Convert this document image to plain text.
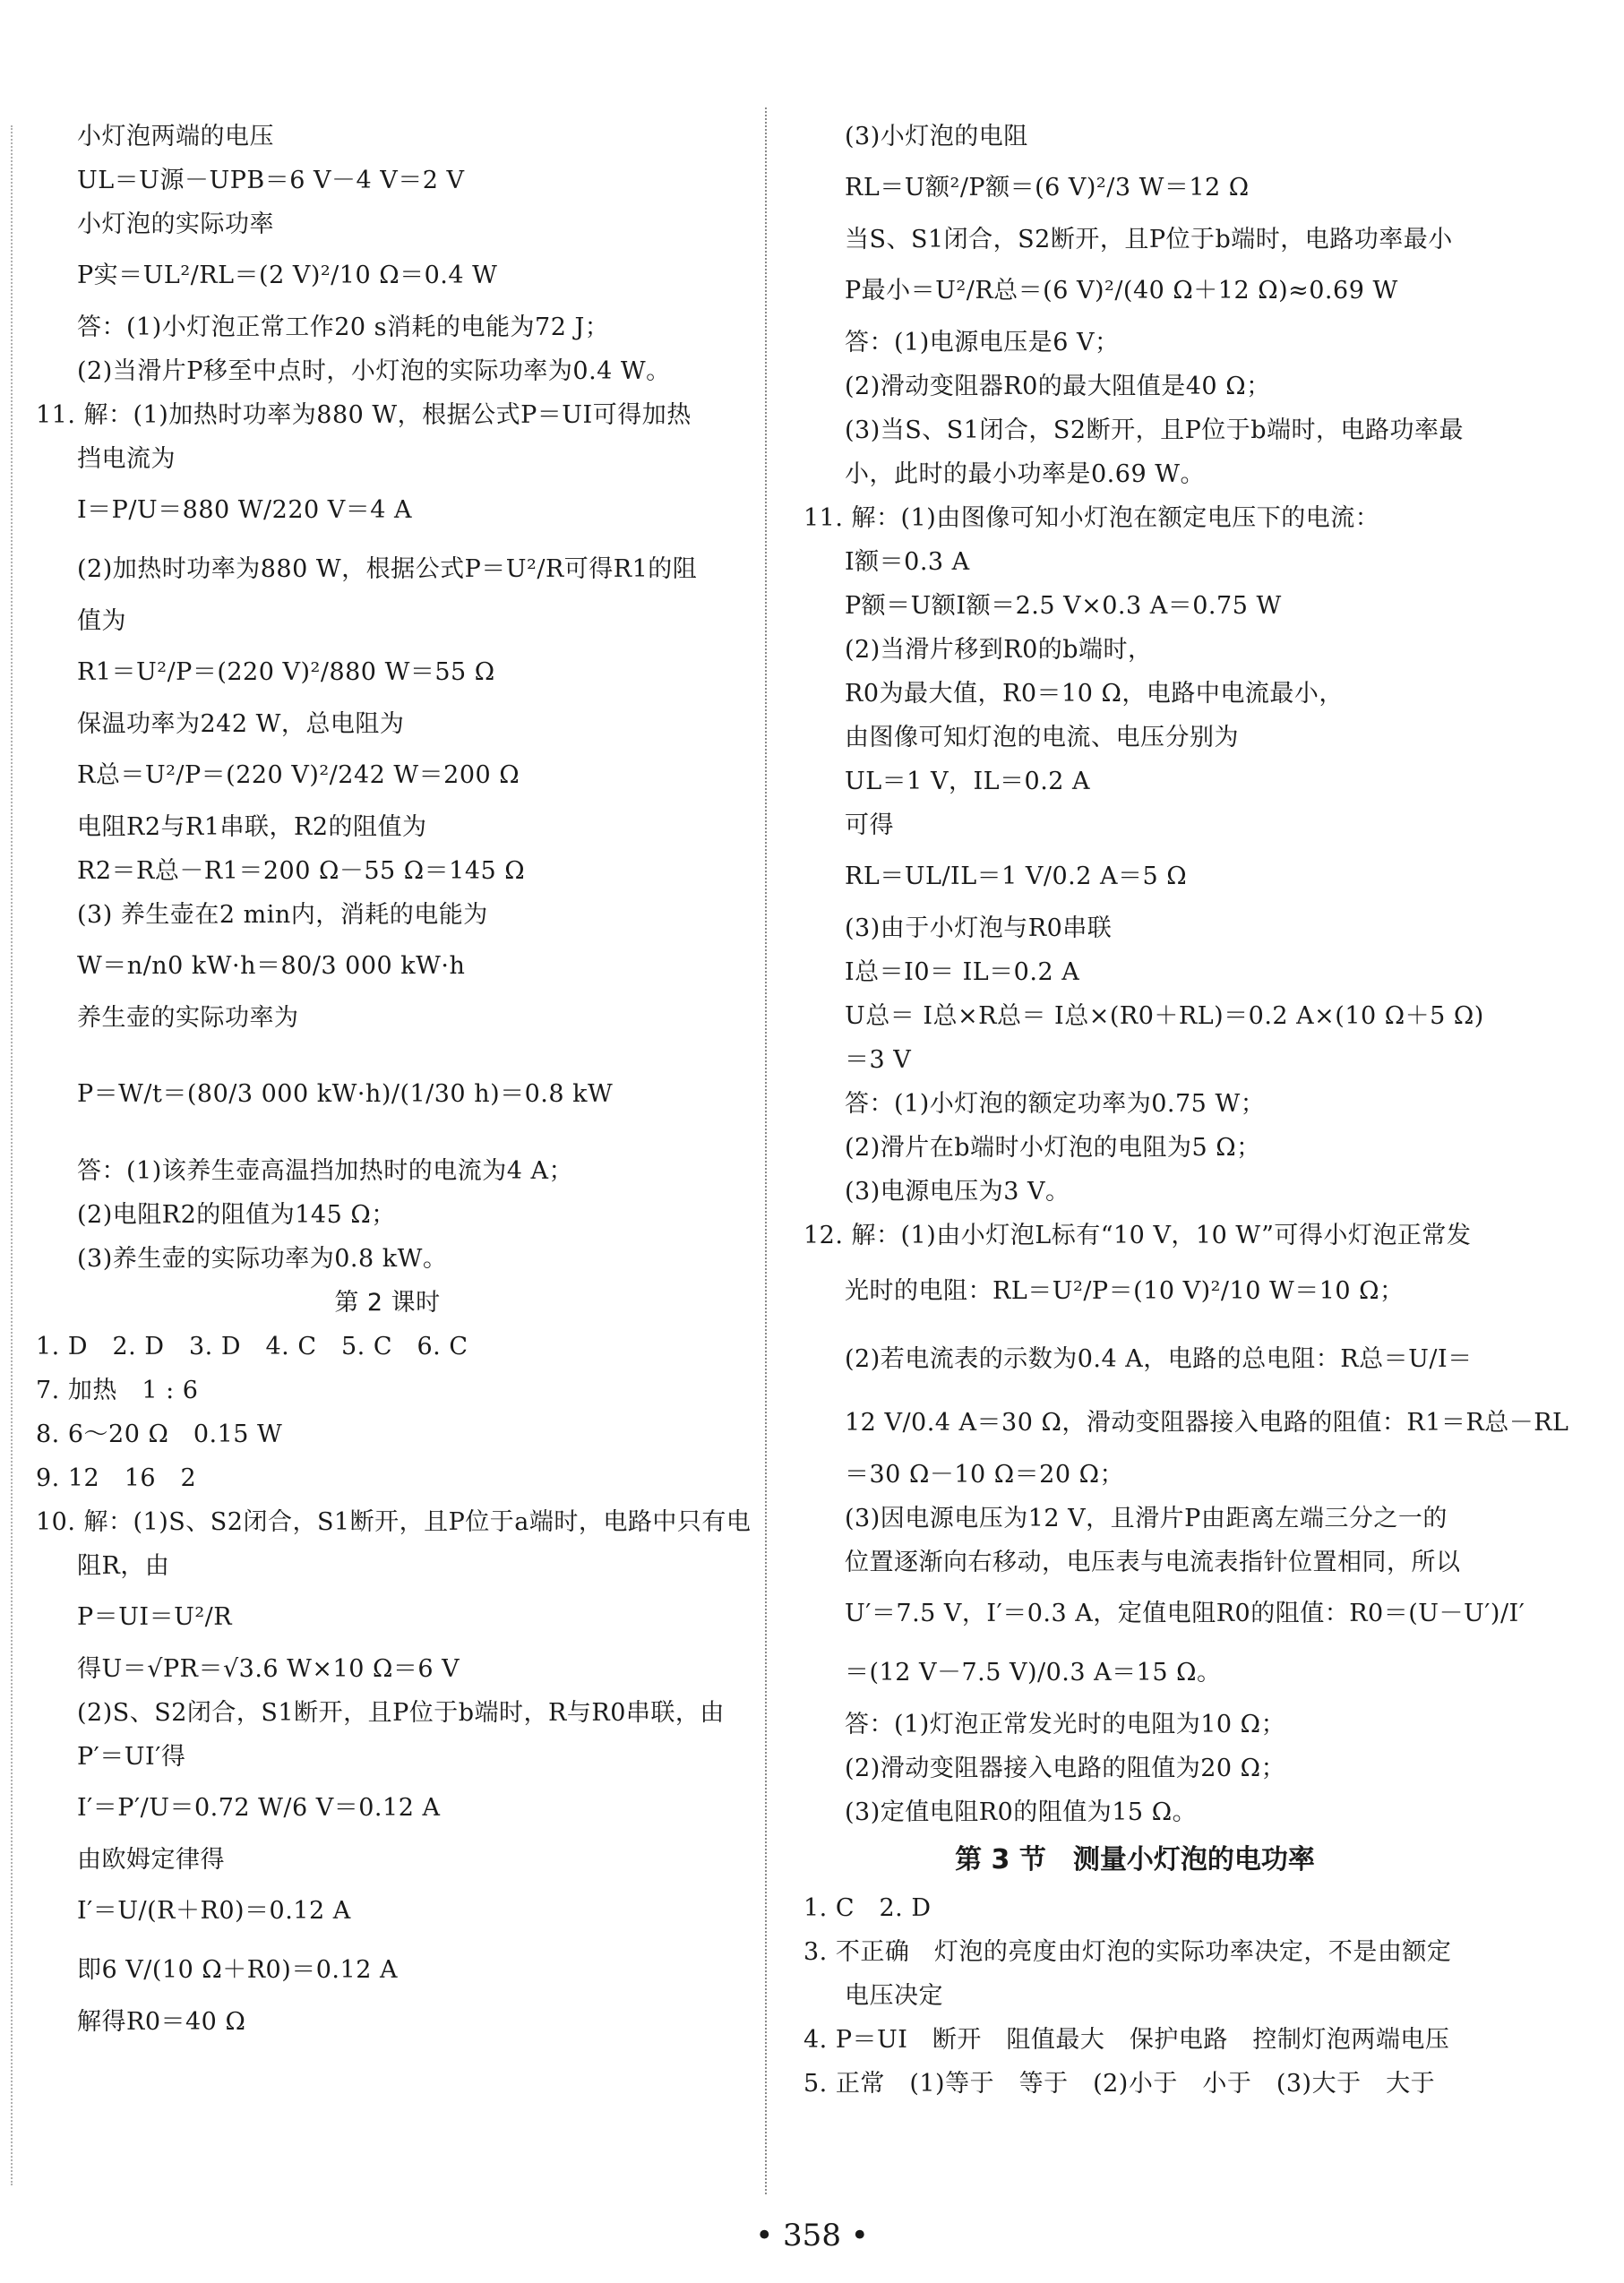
小灯泡两端的电压
UL＝U源－UPB＝6 V－4 V＝2 V
小灯泡的实际功率
P实＝UL²/RL＝(2 V)²/10 Ω＝0.4 W
答：(1)小灯泡正常工作20 s消耗的电能为72 J；
(2)当滑片P移至中点时，小灯泡的实际功率为0.4 W。
11. 解：(1)加热时功率为880 W，根据公式P＝UI可得加热
挡电流为
I＝P/U＝880 W/220 V＝4 A
(2)加热时功率为880 W，根据公式P＝U²/R可得R1的阻
值为
R1＝U²/P＝(220 V)²/880 W＝55 Ω
保温功率为242 W，总电阻为
R总＝U²/P＝(220 V)²/242 W＝200 Ω
电阻R2与R1串联，R2的阻值为
R2＝R总－R1＝200 Ω－55 Ω＝145 Ω
(3) 养生壶在2 min内，消耗的电能为
W＝n/n0 kW·h＝80/3 000 kW·h
养生壶的实际功率为
P＝W/t＝(80/3 000 kW·h)/(1/30 h)＝0.8 kW
答：(1)该养生壶高温挡加热时的电流为4 A；
(2)电阻R2的阻值为145 Ω；
(3)养生壶的实际功率为0.8 kW。
第 2 课时
1. D　2. D　3. D　4. C　5. C　6. C
7. 加热　1 : 6
8. 6～20 Ω　0.15 W
9. 12　16　2
10. 解：(1)S、S2闭合，S1断开，且P位于a端时，电路中只有电
阻R，由
P＝UI＝U²/R
得U＝√PR＝√3.6 W×10 Ω＝6 V
(2)S、S2闭合，S1断开，且P位于b端时，R与R0串联，由
P′＝UI′得
I′＝P′/U＝0.72 W/6 V＝0.12 A
由欧姆定律得
I′＝U/(R＋R0)＝0.12 A
即6 V/(10 Ω＋R0)＝0.12 A
解得R0＝40 Ω
(3)小灯泡的电阻
RL＝U额²/P额＝(6 V)²/3 W＝12 Ω
当S、S1闭合，S2断开，且P位于b端时，电路功率最小
P最小＝U²/R总＝(6 V)²/(40 Ω＋12 Ω)≈0.69 W
答：(1)电源电压是6 V；
(2)滑动变阻器R0的最大阻值是40 Ω；
(3)当S、S1闭合，S2断开，且P位于b端时，电路功率最
小，此时的最小功率是0.69 W。
11. 解：(1)由图像可知小灯泡在额定电压下的电流：
I额＝0.3 A
P额＝U额I额＝2.5 V×0.3 A＝0.75 W
(2)当滑片移到R0的b端时，
R0为最大值，R0＝10 Ω，电路中电流最小，
由图像可知灯泡的电流、电压分别为
UL＝1 V，IL＝0.2 A
可得
RL＝UL/IL＝1 V/0.2 A＝5 Ω
(3)由于小灯泡与R0串联
I总＝I0＝ IL＝0.2 A
U总＝ I总×R总＝ I总×(R0＋RL)＝0.2 A×(10 Ω＋5 Ω)
＝3 V
答：(1)小灯泡的额定功率为0.75 W；
(2)滑片在b端时小灯泡的电阻为5 Ω；
(3)电源电压为3 V。
12. 解：(1)由小灯泡L标有“10 V，10 W”可得小灯泡正常发
光时的电阻：RL＝U²/P＝(10 V)²/10 W＝10 Ω；
(2)若电流表的示数为0.4 A，电路的总电阻：R总＝U/I＝
12 V/0.4 A＝30 Ω，滑动变阻器接入电路的阻值：R1＝R总－RL
＝30 Ω－10 Ω＝20 Ω；
(3)因电源电压为12 V，且滑片P由距离左端三分之一的
位置逐渐向右移动，电压表与电流表指针位置相同，所以
U′＝7.5 V，I′＝0.3 A，定值电阻R0的阻值：R0＝(U－U′)/I′
＝(12 V－7.5 V)/0.3 A＝15 Ω。
答：(1)灯泡正常发光时的电阻为10 Ω；
(2)滑动变阻器接入电路的阻值为20 Ω；
(3)定值电阻R0的阻值为15 Ω。
第 3 节　测量小灯泡的电功率
1. C　2. D
3. 不正确　灯泡的亮度由灯泡的实际功率决定，不是由额定
电压决定
4. P＝UI　断开　阻值最大　保护电路　控制灯泡两端电压
5. 正常　(1)等于　等于　(2)小于　小于　(3)大于　大于
• 358 •
